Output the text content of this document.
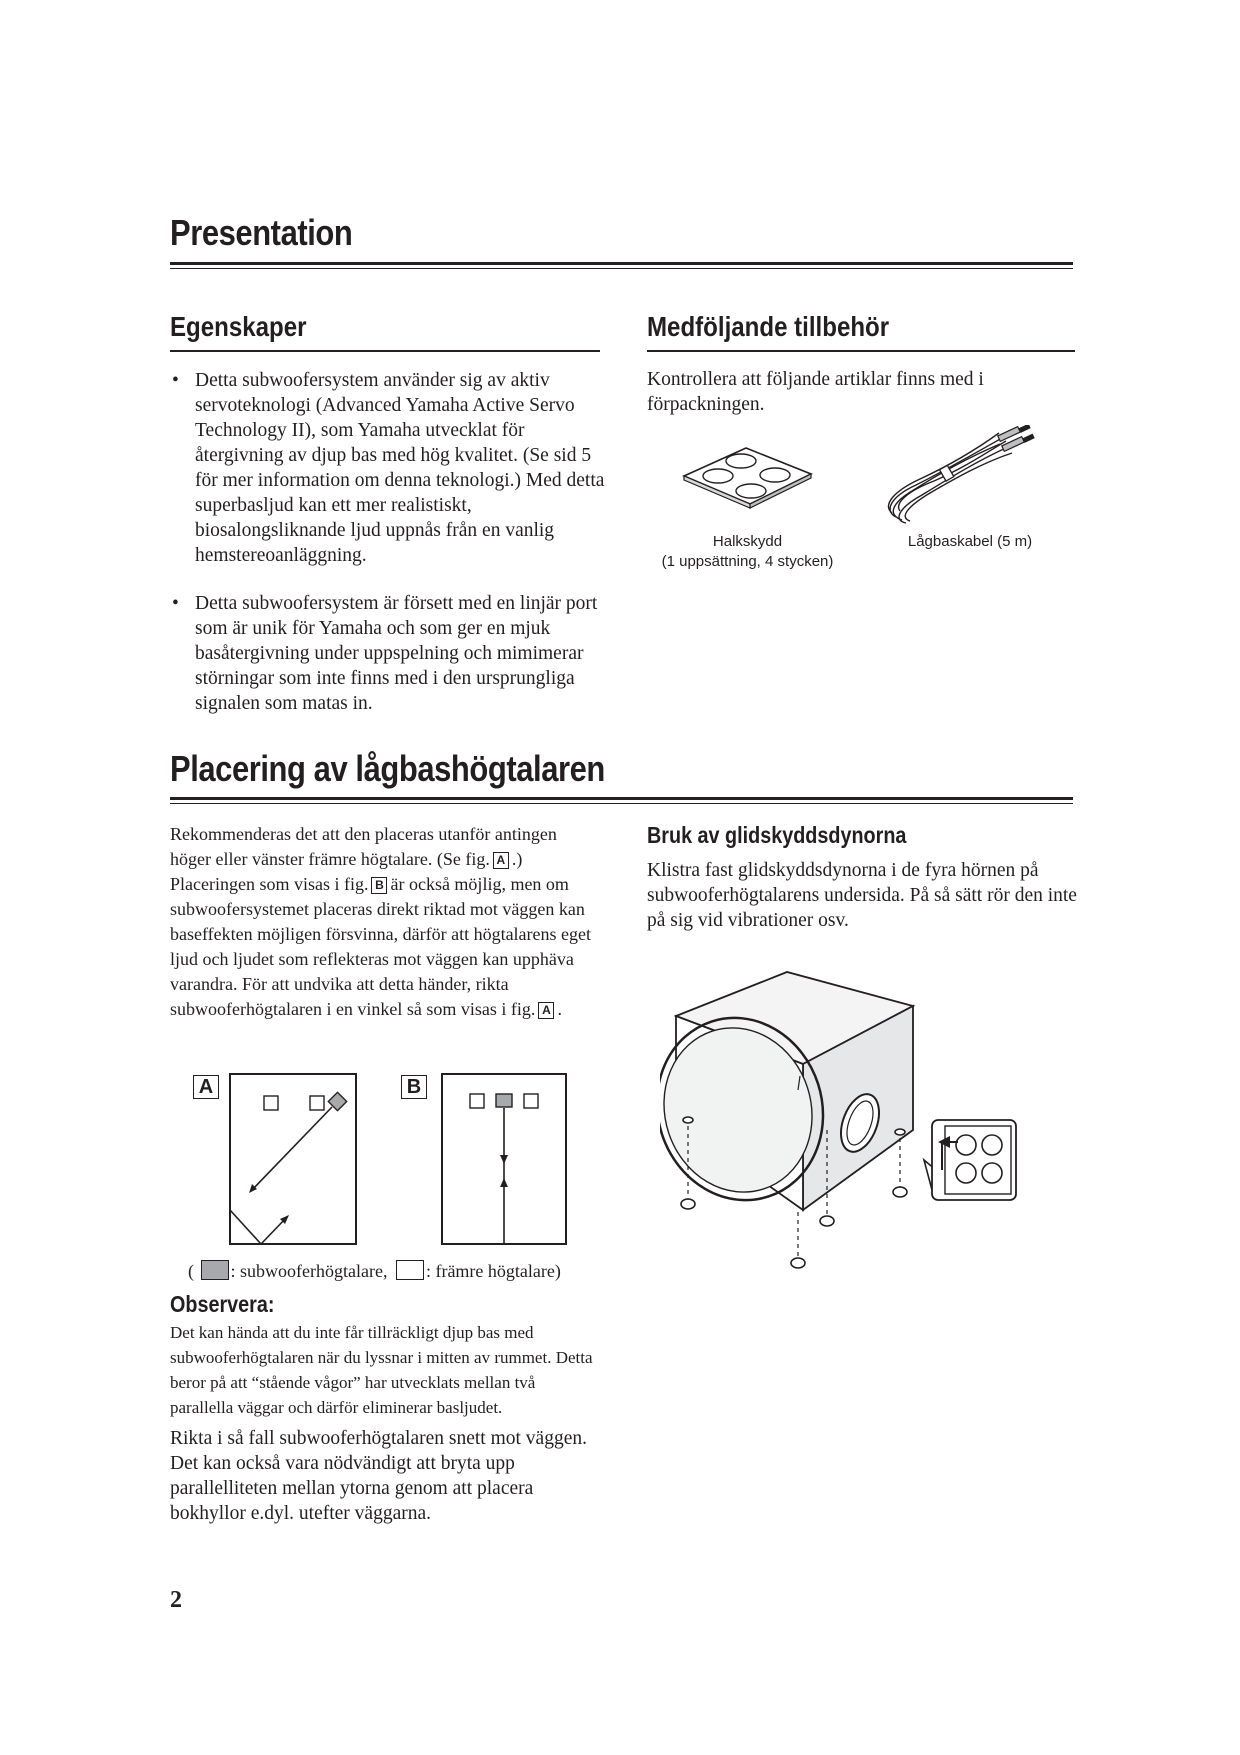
Presentation
Egenskaper
• Detta subwoofersystem använder sig av aktiv servoteknologi (Advanced Yamaha Active Servo Technology II), som Yamaha utvecklat för återgivning av djup bas med hög kvalitet. (Se sid 5 för mer information om denna teknologi.) Med detta superbasljud kan ett mer realistiskt, biosalongsliknande ljud uppnås från en vanlig hemstereoanläggning.
• Detta subwoofersystem är försett med en linjär port som är unik för Yamaha och som ger en mjuk basåtergivning under uppspelning och mimimerar störningar som inte finns med i den ursprungliga signalen som matas in.
Medföljande tillbehör
Kontrollera att följande artiklar finns med i förpackningen.
Halkskydd
(1 uppsättning, 4 stycken)
Lågbaskabel (5 m)
Placering av lågbashögtalaren
Rekommenderas det att den placeras utanför antingen höger eller vänster främre högtalare. (Se fig. A .) Placeringen som visas i fig. B är också möjlig, men om subwoofersystemet placeras direkt riktad mot väggen kan baseffekten möjligen försvinna, därför att högtalarens eget ljud och ljudet som reflekteras mot väggen kan upphäva varandra. För att undvika att detta händer, rikta subwooferhögtalaren i en vinkel så som visas i fig. A .
A	B
( : subwooferhögtalare, : främre högtalare)
Observera:
Det kan hända att du inte får tillräckligt djup bas med subwooferhögtalaren när du lyssnar i mitten av rummet. Detta beror på att “stående vågor” har utvecklats mellan två parallella väggar och därför eliminerar basljudet.
Rikta i så fall subwooferhögtalaren snett mot väggen. Det kan också vara nödvändigt att bryta upp parallelliteten mellan ytorna genom att placera bokhyllor e.dyl. utefter väggarna.
Bruk av glidskyddsdynorna
Klistra fast glidskyddsdynorna i de fyra hörnen på subwooferhögtalarens undersida. På så sätt rör den inte på sig vid vibrationer osv.
2
